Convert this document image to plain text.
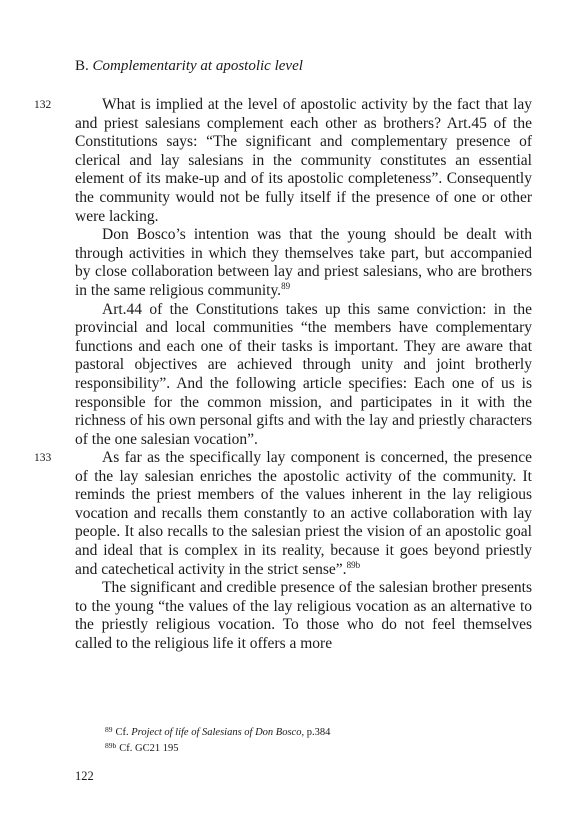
B. Complementarity at apostolic level
132
133

What is implied at the level of apostolic activity by the fact that lay and priest salesians complement each other as brothers? Art.45 of the Constitutions says: “The significant and complementary presence of clerical and lay salesians in the community constitutes an essential element of its make-up and of its apostolic completeness”. Consequently the community would not be fully itself if the presence of one or other were lacking.

Don Bosco’s intention was that the young should be dealt with through activities in which they themselves take part, but accompanied by close collaboration between lay and priest salesians, who are brothers in the same religious community.$^{89}$

Art.44 of the Constitutions takes up this same conviction: in the provincial and local communities “the members have complementary functions and each one of their tasks is important. They are aware that pastoral objectives are achieved through unity and joint brotherly responsibility”. And the following article specifies: Each one of us is responsible for the common mission, and participates in it with the richness of his own personal gifts and with the lay and priestly characters of the one salesian vocation”.

As far as the specifically lay component is concerned, the presence of the lay salesian enriches the apostolic activity of the community. It reminds the priest members of the values inherent in the lay religious vocation and recalls them constantly to an active collaboration with lay people. It also recalls to the salesian priest the vision of an apostolic goal and ideal that is complex in its reality, because it goes beyond priestly and catechetical activity in the strict sense”.$^{89b}$

The significant and credible presence of the salesian brother presents to the young “the values of the lay religious vocation as an alternative to the priestly religious vocation. To those who do not feel themselves called to the religious life it offers a more

$^{89}$ Cf. Project of life of Salesians of Don Bosco, p.384
$^{89b}$ Cf. GC21 195
122
